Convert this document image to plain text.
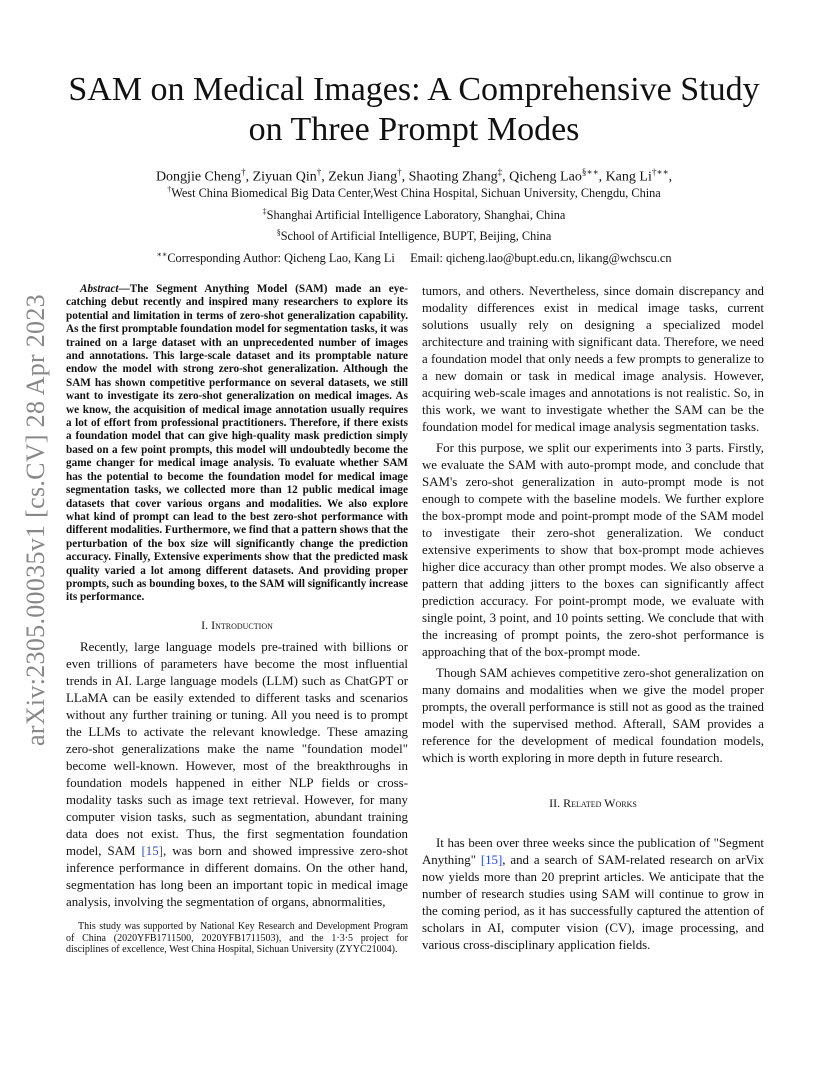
arXiv:2305.00035v1 [cs.CV] 28 Apr 2023
SAM on Medical Images: A Comprehensive Study
on Three Prompt Modes
Dongjie Cheng†, Ziyuan Qin†, Zekun Jiang†, Shaoting Zhang‡, Qicheng Lao§∗∗, Kang Li†∗∗,
†West China Biomedical Big Data Center,West China Hospital, Sichuan University, Chengdu, China
‡Shanghai Artificial Intelligence Laboratory, Shanghai, China
§School of Artificial Intelligence, BUPT, Beijing, China
∗∗Corresponding Author: Qicheng Lao, Kang Li     Email: qicheng.lao@bupt.edu.cn, likang@wchscu.cn

Abstract—The Segment Anything Model (SAM) made an eye-catching debut recently and inspired many researchers to explore its potential and limitation in terms of zero-shot generalization capability. As the first promptable foundation model for segmentation tasks, it was trained on a large dataset with an unprecedented number of images and annotations. This large-scale dataset and its promptable nature endow the model with strong zero-shot generalization. Although the SAM has shown competitive performance on several datasets, we still want to investigate its zero-shot generalization on medical images. As we know, the acquisition of medical image annotation usually requires a lot of effort from professional practitioners. Therefore, if there exists a foundation model that can give high-quality mask prediction simply based on a few point prompts, this model will undoubtedly become the game changer for medical image analysis. To evaluate whether SAM has the potential to become the foundation model for medical image segmentation tasks, we collected more than 12 public medical image datasets that cover various organs and modalities. We also explore what kind of prompt can lead to the best zero-shot performance with different modalities. Furthermore, we find that a pattern shows that the perturbation of the box size will significantly change the prediction accuracy. Finally, Extensive experiments show that the predicted mask quality varied a lot among different datasets. And providing proper prompts, such as bounding boxes, to the SAM will significantly increase its performance.

I. Introduction

Recently, large language models pre-trained with billions or even trillions of parameters have become the most influential trends in AI. Large language models (LLM) such as ChatGPT or LLaMA can be easily extended to different tasks and scenarios without any further training or tuning. All you need is to prompt the LLMs to activate the relevant knowledge. These amazing zero-shot generalizations make the name "foundation model" become well-known. However, most of the breakthroughs in foundation models happened in either NLP fields or cross-modality tasks such as image text retrieval. However, for many computer vision tasks, such as segmentation, abundant training data does not exist. Thus, the first segmentation foundation model, SAM [15], was born and showed impressive zero-shot inference performance in different domains. On the other hand, segmentation has long been an important topic in medical image analysis, involving the segmentation of organs, abnormalities,

This study was supported by National Key Research and Development Program of China (2020YFB1711500, 2020YFB1711503), and the 1·3·5 project for disciplines of excellence, West China Hospital, Sichuan University (ZYYC21004).

tumors, and others. Nevertheless, since domain discrepancy and modality differences exist in medical image tasks, current solutions usually rely on designing a specialized model architecture and training with significant data. Therefore, we need a foundation model that only needs a few prompts to generalize to a new domain or task in medical image analysis. However, acquiring web-scale images and annotations is not realistic. So, in this work, we want to investigate whether the SAM can be the foundation model for medical image analysis segmentation tasks.

For this purpose, we split our experiments into 3 parts. Firstly, we evaluate the SAM with auto-prompt mode, and conclude that SAM's zero-shot generalization in auto-prompt mode is not enough to compete with the baseline models. We further explore the box-prompt mode and point-prompt mode of the SAM model to investigate their zero-shot generalization. We conduct extensive experiments to show that box-prompt mode achieves higher dice accuracy than other prompt modes. We also observe a pattern that adding jitters to the boxes can significantly affect prediction accuracy. For point-prompt mode, we evaluate with single point, 3 point, and 10 points setting. We conclude that with the increasing of prompt points, the zero-shot performance is approaching that of the box-prompt mode.

Though SAM achieves competitive zero-shot generalization on many domains and modalities when we give the model proper prompts, the overall performance is still not as good as the trained model with the supervised method. Afterall, SAM provides a reference for the development of medical foundation models, which is worth exploring in more depth in future research.

II. Related Works

It has been over three weeks since the publication of "Segment Anything" [15], and a search of SAM-related research on arVix now yields more than 20 preprint articles. We anticipate that the number of research studies using SAM will continue to grow in the coming period, as it has successfully captured the attention of scholars in AI, computer vision (CV), image processing, and various cross-disciplinary application fields.
